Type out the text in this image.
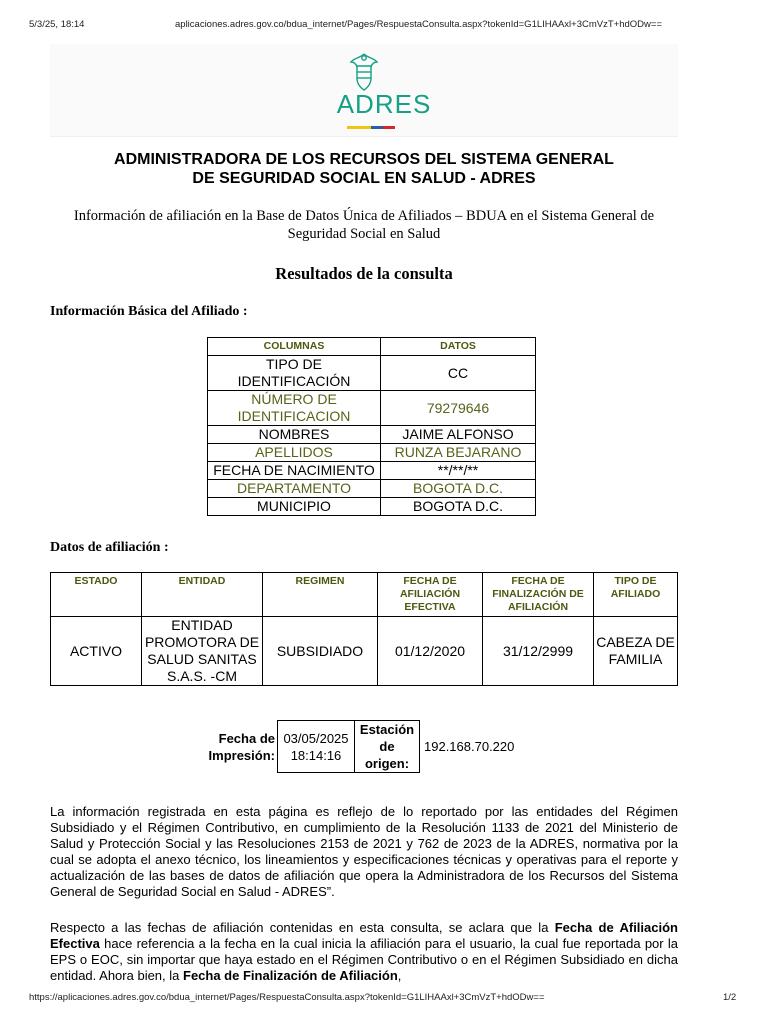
5/3/25, 18:14	aplicaciones.adres.gov.co/bdua_internet/Pages/RespuestaConsulta.aspx?tokenId=G1LIHAAxl+3CmVzT+hdODw==
ADRES
ADMINISTRADORA DE LOS RECURSOS DEL SISTEMA GENERAL
DE SEGURIDAD SOCIAL EN SALUD - ADRES
Información de afiliación en la Base de Datos Única de Afiliados – BDUA en el Sistema General de Seguridad Social en Salud
Resultados de la consulta
Información Básica del Afiliado :
COLUMNAS	DATOS
TIPO DE IDENTIFICACIÓN	CC
NÚMERO DE IDENTIFICACION	79279646
NOMBRES	JAIME ALFONSO
APELLIDOS	RUNZA BEJARANO
FECHA DE NACIMIENTO	**/**/**
DEPARTAMENTO	BOGOTA D.C.
MUNICIPIO	BOGOTA D.C.
Datos de afiliación :
ESTADO	ENTIDAD	REGIMEN	FECHA DE AFILIACIÓN EFECTIVA	FECHA DE FINALIZACIÓN DE AFILIACIÓN	TIPO DE AFILIADO
ACTIVO	ENTIDAD PROMOTORA DE SALUD SANITAS S.A.S. -CM	SUBSIDIADO	01/12/2020	31/12/2999	CABEZA DE FAMILIA
Fecha de Impresión:	03/05/2025 18:14:16	Estación de origen:	192.168.70.220
La información registrada en esta página es reflejo de lo reportado por las entidades del Régimen Subsidiado y el Régimen Contributivo, en cumplimiento de la Resolución 1133 de 2021 del Ministerio de Salud y Protección Social y las Resoluciones 2153 de 2021 y 762 de 2023 de la ADRES, normativa por la cual se adopta el anexo técnico, los lineamientos y especificaciones técnicas y operativas para el reporte y actualización de las bases de datos de afiliación que opera la Administradora de los Recursos del Sistema General de Seguridad Social en Salud - ADRES”.
Respecto a las fechas de afiliación contenidas en esta consulta, se aclara que la Fecha de Afiliación Efectiva hace referencia a la fecha en la cual inicia la afiliación para el usuario, la cual fue reportada por la EPS o EOC, sin importar que haya estado en el Régimen Contributivo o en el Régimen Subsidiado en dicha entidad. Ahora bien, la Fecha de Finalización de Afiliación,
https://aplicaciones.adres.gov.co/bdua_internet/Pages/RespuestaConsulta.aspx?tokenId=G1LIHAAxl+3CmVzT+hdODw==	1/2
